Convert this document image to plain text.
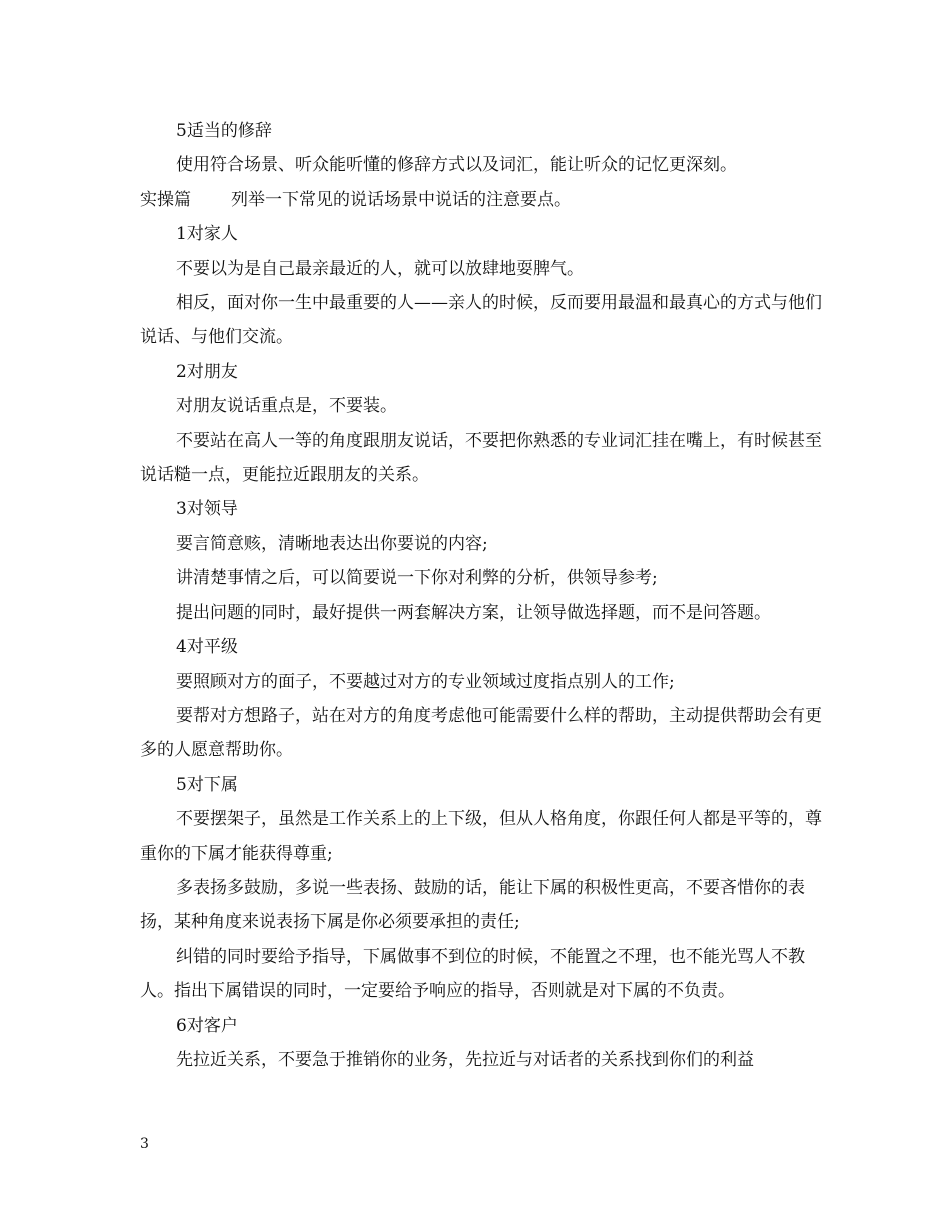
5适当的修辞

使用符合场景、听众能听懂的修辞方式以及词汇，能让听众的记忆更深刻。

实操篇 列举一下常见的说话场景中说话的注意要点。

1对家人

不要以为是自己最亲最近的人，就可以放肆地耍脾气。

相反，面对你一生中最重要的人——亲人的时候，反而要用最温和最真心的方式与他们说话、与他们交流。

2对朋友

对朋友说话重点是，不要装。

不要站在高人一等的角度跟朋友说话，不要把你熟悉的专业词汇挂在嘴上，有时候甚至说话糙一点，更能拉近跟朋友的关系。

3对领导

要言简意赅，清晰地表达出你要说的内容;

讲清楚事情之后，可以简要说一下你对利弊的分析，供领导参考;

提出问题的同时，最好提供一两套解决方案，让领导做选择题，而不是问答题。

4对平级

要照顾对方的面子，不要越过对方的专业领域过度指点别人的工作;

要帮对方想路子，站在对方的角度考虑他可能需要什么样的帮助，主动提供帮助会有更多的人愿意帮助你。

5对下属

不要摆架子，虽然是工作关系上的上下级，但从人格角度，你跟任何人都是平等的，尊重你的下属才能获得尊重;

多表扬多鼓励，多说一些表扬、鼓励的话，能让下属的积极性更高，不要吝惜你的表扬，某种角度来说表扬下属是你必须要承担的责任;

纠错的同时要给予指导，下属做事不到位的时候，不能置之不理，也不能光骂人不教人。指出下属错误的同时，一定要给予响应的指导，否则就是对下属的不负责。

6对客户

先拉近关系，不要急于推销你的业务，先拉近与对话者的关系找到你们的利益

3
